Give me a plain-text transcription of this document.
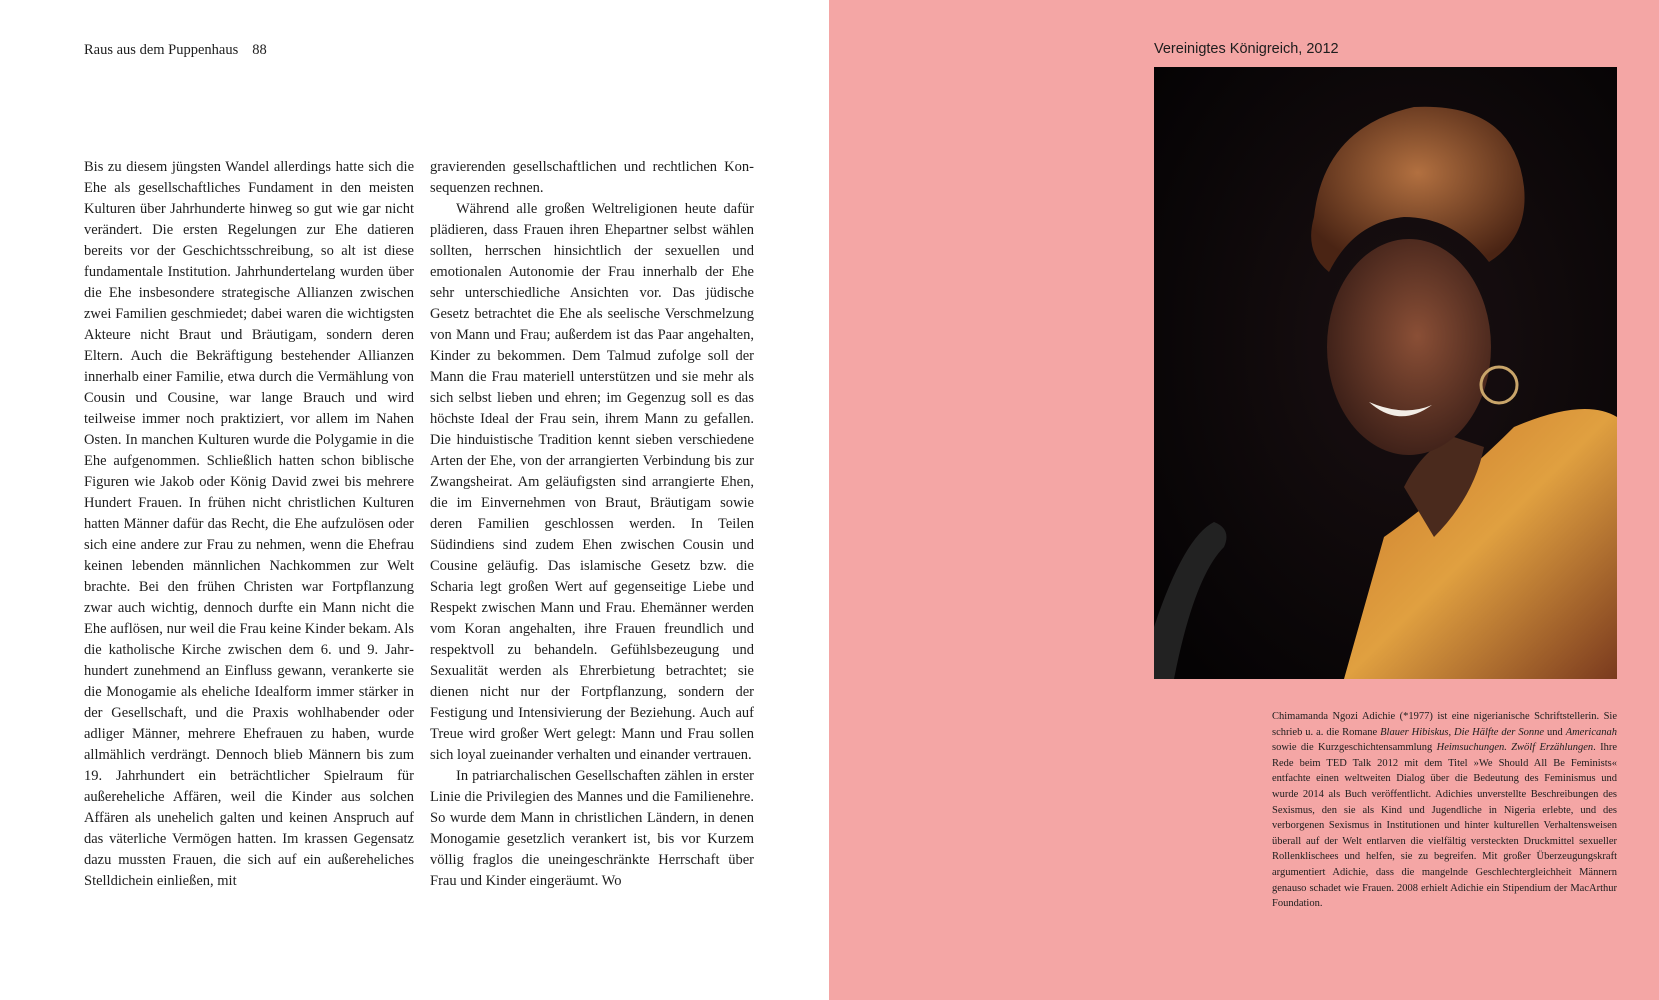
Raus aus dem Puppenhaus 88

Bis zu diesem jüngsten Wandel allerdings hatte sich die Ehe als gesellschaftliches Fundament in den meisten Kulturen über Jahrhunderte hinweg so gut wie gar nicht verändert. Die ersten Regelungen zur Ehe datieren bereits vor der Geschichtsschreibung, so alt ist diese fundamentale Institution. Jahrhundertelang wurden über die Ehe insbesondere strategische Allianzen zwischen zwei Familien geschmiedet; dabei waren die wichtigsten Akteure nicht Braut und Bräutigam, sondern deren Eltern. Auch die Bekräftigung bestehender Allianzen innerhalb einer Familie, etwa durch die Vermählung von Cousin und Cousine, war lange Brauch und wird teilweise immer noch praktiziert, vor allem im Nahen Osten. In manchen Kulturen wurde die Polygamie in die Ehe aufgenommen. Schließlich hatten schon biblische Figuren wie Jakob oder König David zwei bis mehrere Hundert Frauen. In frühen nicht christlichen Kulturen hatten Männer dafür das Recht, die Ehe aufzulösen oder sich eine andere zur Frau zu nehmen, wenn die Ehefrau keinen lebenden männlichen Nachkommen zur Welt brachte. Bei den frühen Christen war Fortpflanzung zwar auch wichtig, dennoch durfte ein Mann nicht die Ehe auflösen, nur weil die Frau keine Kinder bekam. Als die katholische Kirche zwischen dem 6. und 9. Jahrhundert zunehmend an Einfluss gewann, verankerte sie die Monogamie als eheliche Idealform immer stärker in der Gesellschaft, und die Praxis wohlhabender oder adliger Männer, mehrere Ehefrauen zu haben, wurde allmählich verdrängt. Dennoch blieb Männern bis zum 19. Jahrhundert ein beträchtlicher Spielraum für außereheliche Affären, weil die Kinder aus solchen Affären als unehelich galten und keinen Anspruch auf das väterliche Vermögen hatten. Im krassen Gegensatz dazu mussten Frauen, die sich auf ein außereheliches Stelldichein einließen, mit

gravierenden gesellschaftlichen und rechtlichen Konsequenzen rechnen.

Während alle großen Weltreligionen heute dafür plädieren, dass Frauen ihren Ehepartner selbst wählen sollten, herrschen hinsichtlich der sexuellen und emotionalen Autonomie der Frau innerhalb der Ehe sehr unterschiedliche Ansichten vor. Das jüdische Gesetz betrachtet die Ehe als seelische Verschmelzung von Mann und Frau; außerdem ist das Paar angehalten, Kinder zu bekommen. Dem Talmud zufolge soll der Mann die Frau materiell unterstützen und sie mehr als sich selbst lieben und ehren; im Gegenzug soll es das höchste Ideal der Frau sein, ihrem Mann zu gefallen. Die hinduistische Tradition kennt sieben verschiedene Arten der Ehe, von der arrangierten Verbindung bis zur Zwangsheirat. Am geläufigsten sind arrangierte Ehen, die im Einvernehmen von Braut, Bräutigam sowie deren Familien geschlossen werden. In Teilen Südindiens sind zudem Ehen zwischen Cousin und Cousine geläufig. Das islamische Gesetz bzw. die Scharia legt großen Wert auf gegenseitige Liebe und Respekt zwischen Mann und Frau. Ehemänner werden vom Koran angehalten, ihre Frauen freundlich und respektvoll zu behandeln. Gefühlsbezeugung und Sexualität werden als Ehrerbietung betrachtet; sie dienen nicht nur der Fortpflanzung, sondern der Festigung und Intensivierung der Beziehung. Auch auf Treue wird großer Wert gelegt: Mann und Frau sollen sich loyal zueinander verhalten und einander vertrauen.

In patriarchalischen Gesellschaften zählen in erster Linie die Privilegien des Mannes und die Familienehre. So wurde dem Mann in christlichen Ländern, in denen Monogamie gesetzlich verankert ist, bis vor Kurzem völlig fraglos die uneingeschränkte Herrschaft über Frau und Kinder eingeräumt. Wo

Vereinigtes Königreich, 2012
Chimamanda Ngozi Adichie (*1977) ist eine nigerianische Schriftstellerin. Sie schrieb u. a. die Romane Blauer Hibiskus, Die Hälfte der Sonne und Americanah sowie die Kurzgeschichtensammlung Heimsuchungen. Zwölf Erzählungen. Ihre Rede beim TED Talk 2012 mit dem Titel »We Should All Be Feminists« entfachte einen weltweiten Dialog über die Bedeutung des Feminismus und wurde 2014 als Buch veröffentlicht. Adichies unverstellte Beschreibungen des Sexismus, den sie als Kind und Jugendliche in Nigeria erlebte, und des verborgenen Sexismus in Institutionen und hinter kulturellen Verhaltensweisen überall auf der Welt entlarven die vielfältig versteckten Druckmittel sexueller Rollenklischees und helfen, sie zu begreifen. Mit großer Überzeugungskraft argumentiert Adichie, dass die mangelnde Geschlechtergleichheit Männern genauso schadet wie Frauen. 2008 erhielt Adichie ein Stipendium der MacArthur Foundation.
